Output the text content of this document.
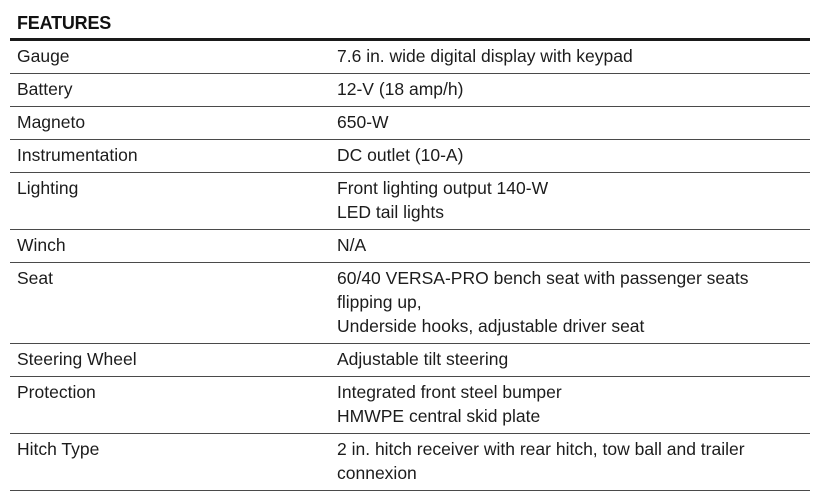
FEATURES
Gauge	7.6 in. wide digital display with keypad

Battery	12-V (18 amp/h)

Magneto	650-W

Instrumentation	DC outlet (10-A)

Lighting	Front lighting output 140-W
LED tail lights

Winch	N/A

Seat	60/40 VERSA-PRO bench seat with passenger seats
flipping up,
Underside hooks, adjustable driver seat

Steering Wheel	Adjustable tilt steering

Protection	Integrated front steel bumper
HMWPE central skid plate

Hitch Type	2 in. hitch receiver with rear hitch, tow ball and trailer
connexion
